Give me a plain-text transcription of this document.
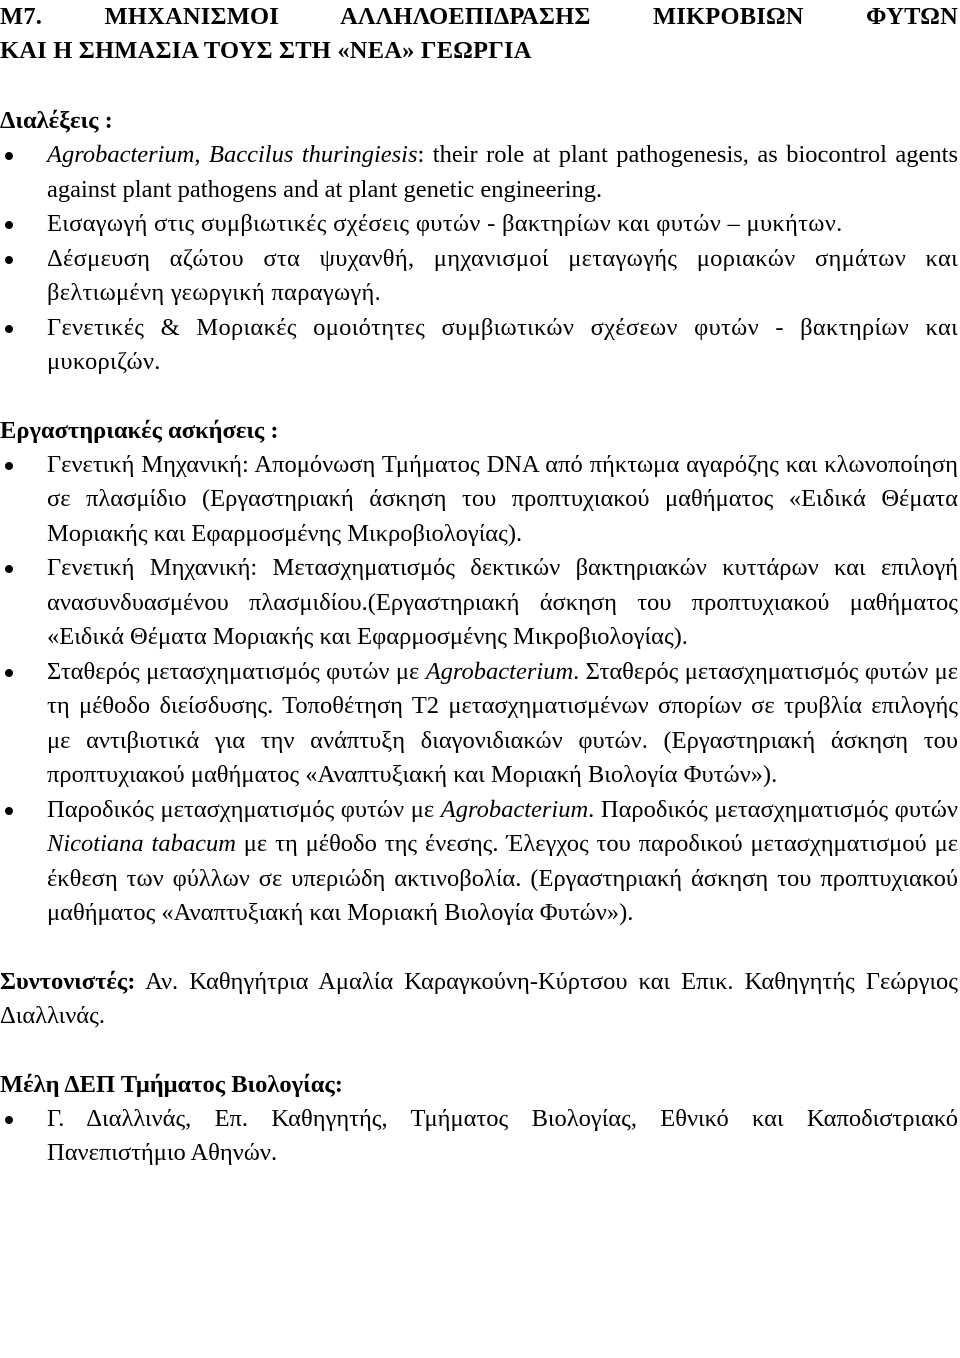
Μ7. ΜΗΧΑΝΙΣΜΟΙ ΑΛΛΗΛΟΕΠΙΔΡΑΣΗΣ ΜΙΚΡΟΒΙΩΝ ΦΥΤΩΝ
ΚΑΙ Η ΣΗΜΑΣΙΑ ΤΟΥΣ ΣΤΗ «ΝΕΑ» ΓΕΩΡΓΙΑ
Διαλέξεις :
Agrobacterium, Baccilus thuringiesis: their role at plant pathogenesis, as biocontrol agents against plant pathogens and at plant genetic engineering.
Εισαγωγή στις συμβιωτικές σχέσεις φυτών - βακτηρίων και φυτών – μυκήτων.
Δέσμευση αζώτου στα ψυχανθή, μηχανισμοί μεταγωγής μοριακών σημάτων και βελτιωμένη γεωργική παραγωγή.
Γενετικές & Μοριακές ομοιότητες συμβιωτικών σχέσεων φυτών - βακτηρίων και μυκοριζών.
Εργαστηριακές ασκήσεις :
Γενετική Μηχανική: Απομόνωση Τμήματος DNA από πήκτωμα αγαρόζης και κλωνοποίηση σε πλασμίδιο (Εργαστηριακή άσκηση του προπτυχιακού μαθήματος «Ειδικά Θέματα Μοριακής και Εφαρμοσμένης Μικροβιολογίας).
Γενετική Μηχανική: Μετασχηματισμός δεκτικών βακτηριακών κυττάρων και επιλογή ανασυνδυασμένου πλασμιδίου.(Εργαστηριακή άσκηση του προπτυχιακού μαθήματος «Ειδικά Θέματα Μοριακής και Εφαρμοσμένης Μικροβιολογίας).
Σταθερός μετασχηματισμός φυτών με Agrobacterium. Σταθερός μετασχηματισμός φυτών με τη μέθοδο διείσδυσης. Τοποθέτηση Τ2 μετασχηματισμένων σπορίων σε τρυβλία επιλογής με αντιβιοτικά για την ανάπτυξη διαγονιδιακών φυτών. (Εργαστηριακή άσκηση του προπτυχιακού μαθήματος «Αναπτυξιακή και Μοριακή Βιολογία Φυτών»).
Παροδικός μετασχηματισμός φυτών με Agrobacterium. Παροδικός μετασχηματισμός φυτών Nicotiana tabacum με τη μέθοδο της ένεσης. Έλεγχος του παροδικού μετασχηματισμού με έκθεση των φύλλων σε υπεριώδη ακτινοβολία. (Εργαστηριακή άσκηση του προπτυχιακού μαθήματος «Αναπτυξιακή και Μοριακή Βιολογία Φυτών»).

Συντονιστές: Αν. Καθηγήτρια Αμαλία Καραγκούνη-Κύρτσου και Επικ. Καθηγητής Γεώργιος Διαλλινάς.

Μέλη ΔΕΠ Τμήματος Βιολογίας:
Γ. Διαλλινάς, Επ. Καθηγητής, Τμήματος Βιολογίας, Εθνικό και Καποδιστριακό Πανεπιστήμιο Αθηνών.
